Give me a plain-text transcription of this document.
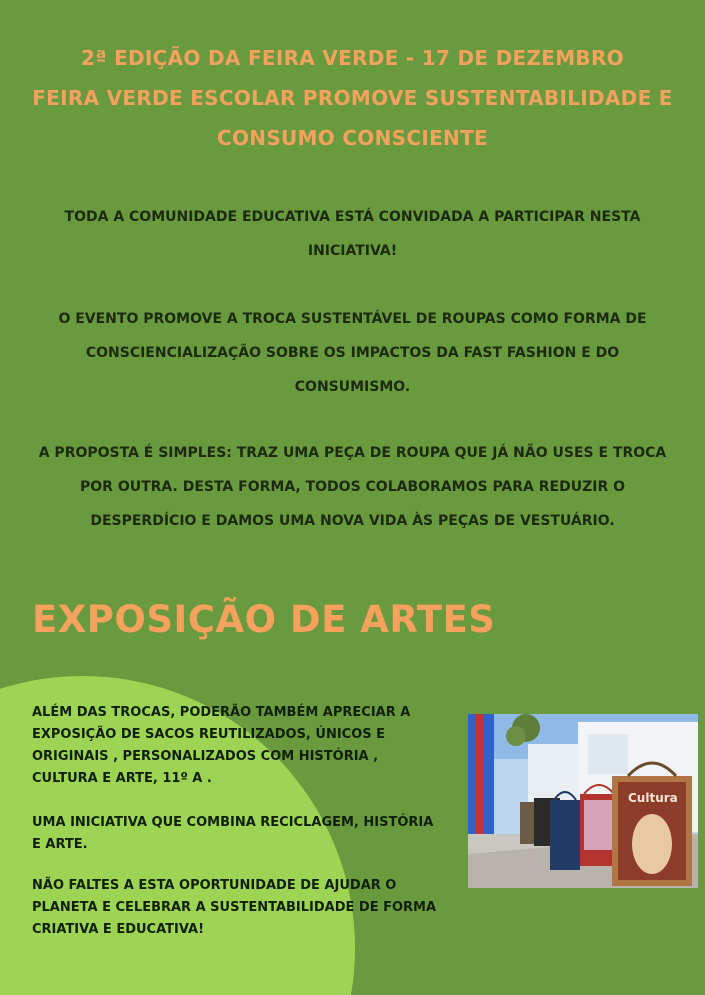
2ª EDIÇÃO DA FEIRA VERDE - 17 DE DEZEMBRO
FEIRA VERDE ESCOLAR PROMOVE SUSTENTABILIDADE E CONSUMO CONSCIENTE
TODA A COMUNIDADE EDUCATIVA ESTÁ CONVIDADA A PARTICIPAR NESTA INICIATIVA!
O EVENTO PROMOVE A TROCA SUSTENTÁVEL DE ROUPAS COMO FORMA DE CONSCIENCIALIZAÇÃO SOBRE OS IMPACTOS DA FAST FASHION E DO CONSUMISMO.
A PROPOSTA É SIMPLES: TRAZ UMA PEÇA DE ROUPA QUE JÁ NÃO USES E TROCA POR OUTRA. DESTA FORMA, TODOS COLABORAMOS PARA REDUZIR O DESPERDÍCIO E DAMOS UMA NOVA VIDA ÀS PEÇAS DE VESTUÁRIO.
EXPOSIÇÃO DE ARTES
ALÉM DAS TROCAS, PODERÃO TAMBÉM APRECIAR A EXPOSIÇÃO DE SACOS REUTILIZADOS, ÚNICOS E ORIGINAIS , PERSONALIZADOS COM HISTÓRIA , CULTURA E ARTE, 11º A .
UMA INICIATIVA QUE COMBINA RECICLAGEM, HISTÓRIA E ARTE.
NÃO FALTES A ESTA OPORTUNIDADE DE AJUDAR O PLANETA E CELEBRAR A SUSTENTABILIDADE DE FORMA CRIATIVA E EDUCATIVA!
Cultura
